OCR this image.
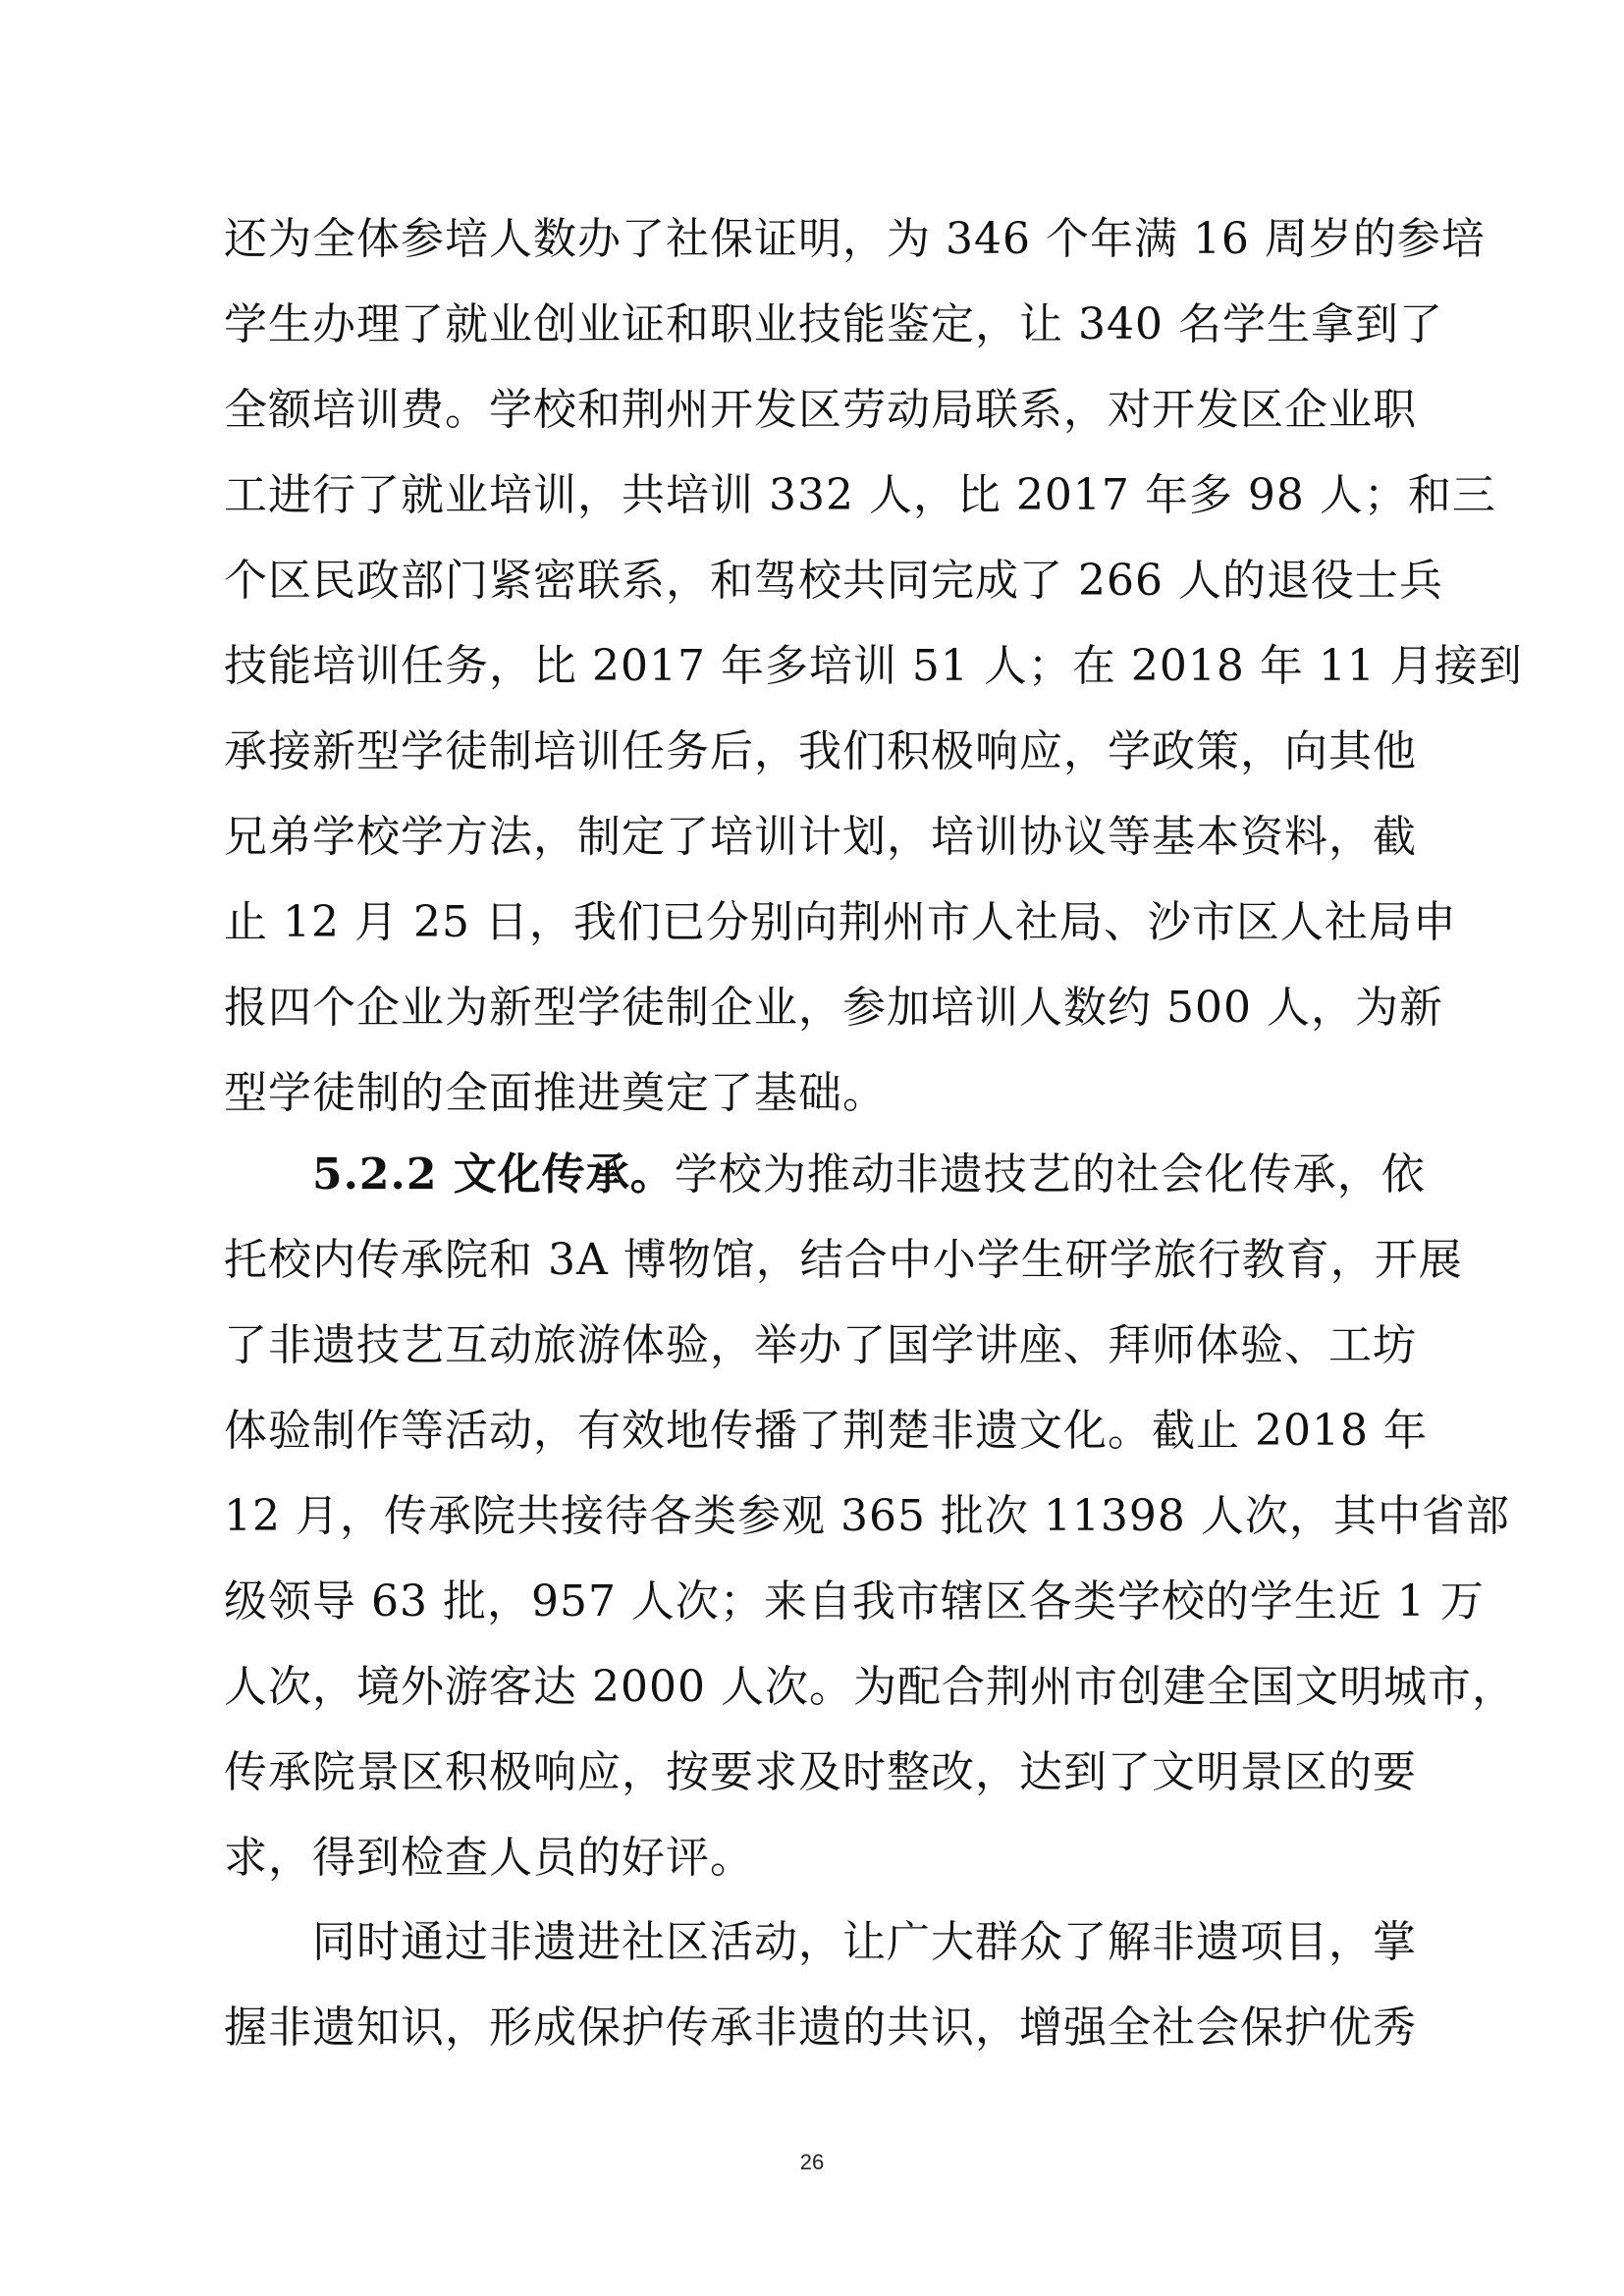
还为全体参培人数办了社保证明，为 346 个年满 16 周岁的参培
学生办理了就业创业证和职业技能鉴定，让 340 名学生拿到了
全额培训费。学校和荆州开发区劳动局联系，对开发区企业职
工进行了就业培训，共培训 332 人，比 2017 年多 98 人；和三
个区民政部门紧密联系，和驾校共同完成了 266 人的退役士兵
技能培训任务，比 2017 年多培训 51 人；在 2018 年 11 月接到
承接新型学徒制培训任务后，我们积极响应，学政策，向其他
兄弟学校学方法，制定了培训计划，培训协议等基本资料，截
止 12 月 25 日，我们已分别向荆州市人社局、沙市区人社局申
报四个企业为新型学徒制企业，参加培训人数约 500 人，为新
型学徒制的全面推进奠定了基础。
5.2.2 文化传承。学校为推动非遗技艺的社会化传承，依
托校内传承院和 3A 博物馆，结合中小学生研学旅行教育，开展
了非遗技艺互动旅游体验，举办了国学讲座、拜师体验、工坊
体验制作等活动，有效地传播了荆楚非遗文化。截止 2018 年
12 月，传承院共接待各类参观 365 批次 11398 人次，其中省部
级领导 63 批，957 人次；来自我市辖区各类学校的学生近 1 万
人次，境外游客达 2000 人次。为配合荆州市创建全国文明城市，
传承院景区积极响应，按要求及时整改，达到了文明景区的要
求，得到检查人员的好评。
同时通过非遗进社区活动，让广大群众了解非遗项目，掌
握非遗知识，形成保护传承非遗的共识，增强全社会保护优秀
26
